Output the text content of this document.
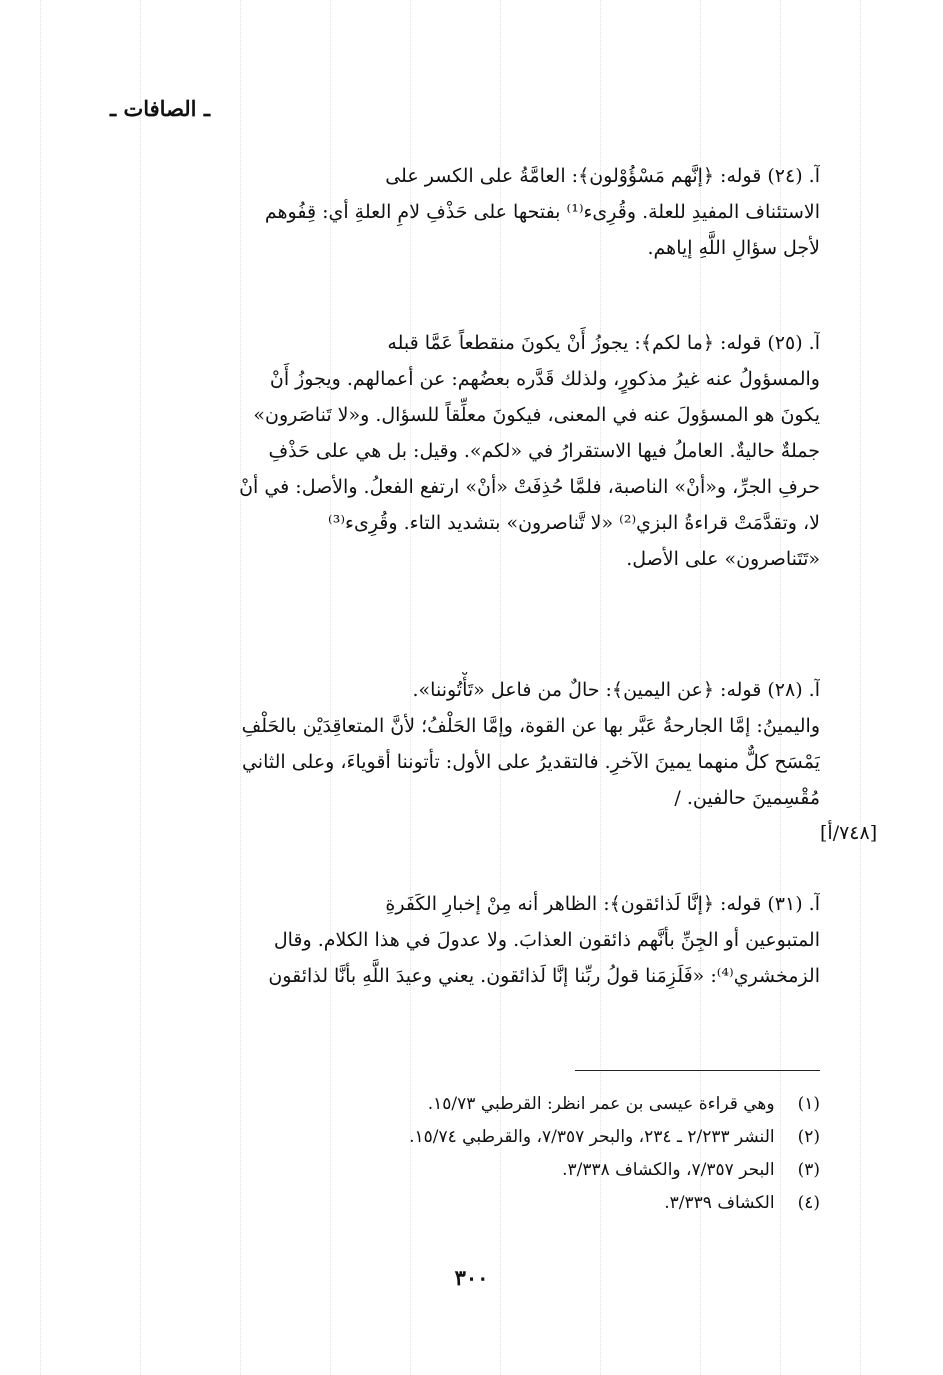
ـ الصافات ـ
آ. (٢٤) قوله: ﴿إنَّهم مَسْؤُوْلون﴾: العامَّةُ على الكسر على
الاستئناف المفيدِ للعلة. وقُرِىء⁽¹⁾ بفتحها على حَذْفِ لامِ العلةِ أي: قِفُوهم
لأجل سؤالِ اللَّهِ إياهم.
آ. (٢٥) قوله: ﴿ما لكم﴾: يجوزُ أَنْ يكونَ منقطعاً عَمَّا قبله
والمسؤولُ عنه غيرُ مذكورٍ، ولذلك قَدَّره بعضُهم: عن أعمالهم. ويجوزُ أَنْ
يكونَ هو المسؤولَ عنه في المعنى، فيكونَ معلِّقاً للسؤال. و«لا تَناصَرون»
جملةٌ حاليةٌ. العاملُ فيها الاستقرارُ في «لكم». وقيل: بل هي على حَذْفِ
حرفِ الجرِّ، و«أنْ» الناصبة، فلمَّا حُذِفَتْ «أنْ» ارتفع الفعلُ. والأصل: في أنْ
لا، وتقدَّمَتْ قراءةُ البزي⁽²⁾ «لا تَّناصرون» بتشديد التاء. وقُرِىء⁽³⁾
«تَتَناصرون» على الأصل.
آ. (٢٨) قوله: ﴿عن اليمين﴾: حالٌ من فاعل «تَأْتُوننا».
واليمينُ: إمَّا الجارحةُ عَبَّر بها عن القوة، وإمَّا الحَلْفُ؛ لأنَّ المتعاقِدَيْن بالحَلْفِ
يَمْسَح كلٌّ منهما يمينَ الآخرِ. فالتقديرُ على الأول: تأتوننا أقوياءَ، وعلى الثاني
مُقْسِمينَ حالفين. /
[٧٤٨/أ]
آ. (٣١) قوله: ﴿إنَّا لَذائقون﴾: الظاهر أنه مِنْ إخبارِ الكَفَرةِ
المتبوعين أو الجِنِّ بأنَّهم ذائقون العذابَ. ولا عدولَ في هذا الكلام. وقال
الزمخشري⁽⁴⁾: «فَلَزِمَنا قولُ ربِّنا إنَّا لَذائقون. يعني وعيدَ اللَّهِ بأنَّا لذائقون
(١) وهي قراءة عيسى بن عمر انظر: القرطبي ١٥/٧٣.
(٢) النشر ٢/٢٣٣ ـ ٢٣٤، والبحر ٧/٣٥٧، والقرطبي ١٥/٧٤.
(٣) البحر ٧/٣٥٧، والكشاف ٣/٣٣٨.
(٤) الكشاف ٣/٣٣٩.
٣٠٠
